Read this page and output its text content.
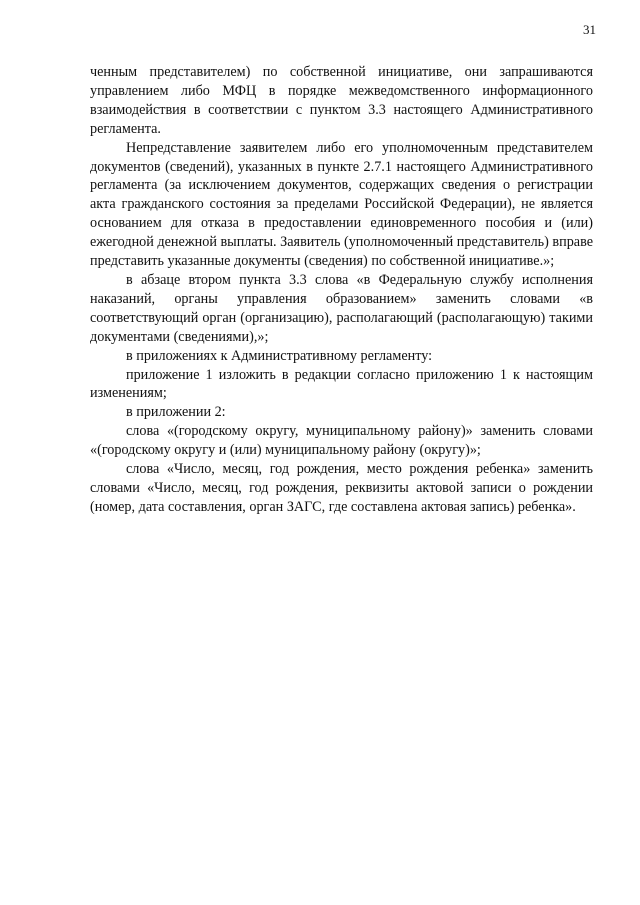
31

ченным представителем) по собственной инициативе, они запрашиваются управлением либо МФЦ в порядке межведомственного информационного взаимодействия в соответствии с пунктом 3.3 настоящего Административного регламента.

Непредставление заявителем либо его уполномоченным представителем документов (сведений), указанных в пункте 2.7.1 настоящего Административного регламента (за исключением документов, содержащих сведения о регистрации акта гражданского состояния за пределами Российской Федерации), не является основанием для отказа в предоставлении единовременного пособия и (или) ежегодной денежной выплаты. Заявитель (уполномоченный представитель) вправе представить указанные документы (сведения) по собственной инициативе.»;

в абзаце втором пункта 3.3 слова «в Федеральную службу исполнения наказаний, органы управления образованием» заменить словами «в соответствующий орган (организацию), располагающий (располагающую) такими документами (сведениями),»;

в приложениях к Административному регламенту:

приложение 1 изложить в редакции согласно приложению 1 к настоящим изменениям;

в приложении 2:

слова «(городскому округу, муниципальному району)» заменить словами «(городскому округу и (или) муниципальному району (округу)»;

слова «Число, месяц, год рождения, место рождения ребенка» заменить словами «Число, месяц, год рождения, реквизиты актовой записи о рождении (номер, дата составления, орган ЗАГС, где составлена актовая запись) ребенка».
